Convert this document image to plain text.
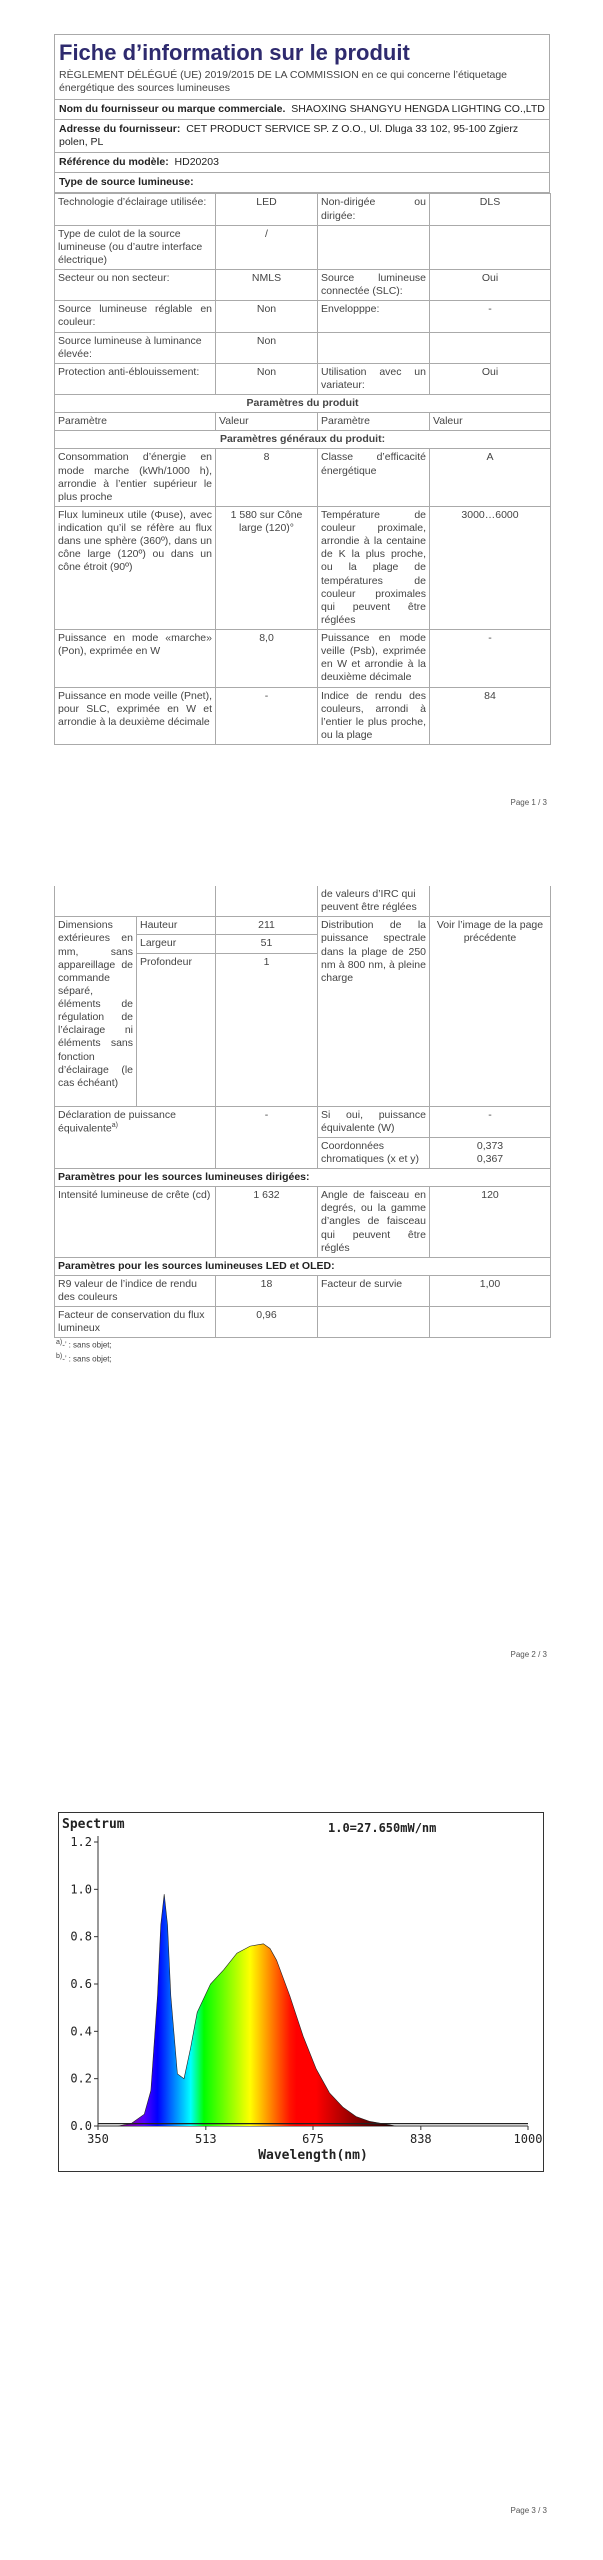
Fiche d’information sur le produit
RÈGLEMENT DÉLÉGUÉ (UE) 2019/2015 DE LA COMMISSION en ce qui concerne l’étiquetage énergétique des sources lumineuses
Nom du fournisseur ou marque commerciale. SHAOXING SHANGYU HENGDA LIGHTING CO.,LTD
Adresse du fournisseur: CET PRODUCT SERVICE SP. Z O.O., Ul. Dluga 33 102, 95-100 Zgierz polen, PL
Référence du modèle: HD20203
Type de source lumineuse:
Technologie d’éclairage utilisée:	LED	Non-dirigée ou dirigée:	DLS
Type de culot de la source lumineuse (ou d’autre interface électrique)	/		
Secteur ou non secteur:	NMLS	Source lumineuse connectée (SLC):	Oui
Source lumineuse réglable en couleur:	Non	Envelopppe:	-
Source lumineuse à luminance élevée:	Non		
Protection anti-éblouissement:	Non	Utilisation avec un variateur:	Oui
Paramètres du produit			
Paramètre	Valeur	Paramètre	Valeur
Paramètres généraux du produit:			
Consommation d’énergie en mode marche (kWh/1000 h), arrondie à l’entier supérieur le plus proche	8	Classe d’efficacité énergétique	A
Flux lumineux utile (Φuse), avec indication qu’il se réfère au flux dans une sphère (360º), dans un cône large (120º) ou dans un cône étroit (90º)	1 580 sur Cône large (120)°	Température de couleur proximale, arrondie à la centaine de K la plus proche, ou la plage de températures de couleur proximales qui peuvent être réglées	3000…6000
Puissance en mode «marche» (Pon), exprimée en W	8,0	Puissance en mode veille (Psb), exprimée en W et arrondie à la deuxième décimale	-
Puissance en mode veille (Pnet), pour SLC, exprimée en W et arrondie à la deuxième décimale	-	Indice de rendu des couleurs, arrondi à l’entier le plus proche, ou la plage	84
Page 1 / 3
			de valeurs d’IRC qui peuvent être réglées	
Dimensions extérieures en mm, sans appareillage de commande séparé, éléments de régulation de l’éclairage ni éléments sans fonction d’éclairage (le cas échéant)	Hauteur	211	Distribution de la puissance spectrale dans la plage de 250 nm à 800 nm, à pleine charge	Voir l’image de la page précédente
	Largeur	51		
	Profondeur	1		
Déclaration de puissance équivalente$^{a)}$		-	Si oui, puissance équivalente (W)	-
			Coordonnées chromatiques (x et y)	0,373
0,367

Paramètres pour les sources lumineuses dirigées:				
Intensité lumineuse de crête (cd)		1 632	Angle de faisceau en degrés, ou la gamme d’angles de faisceau qui peuvent être réglés	120
Paramètres pour les sources lumineuses LED et OLED:				
R9 valeur de l’indice de rendu des couleurs		18	Facteur de survie	1,00
Facteur de conservation du flux lumineux		0,96		
$^{a)}$-’ : sans objet;
$^{b)}$-’ : sans objet;
Page 2 / 3
0.0
0.2
0.4
0.6
0.8
1.0
1.2
350	513	675	838	1000
Spectrum	1.0=27.650mW/nm
Wavelength(nm)
Page 3 / 3
